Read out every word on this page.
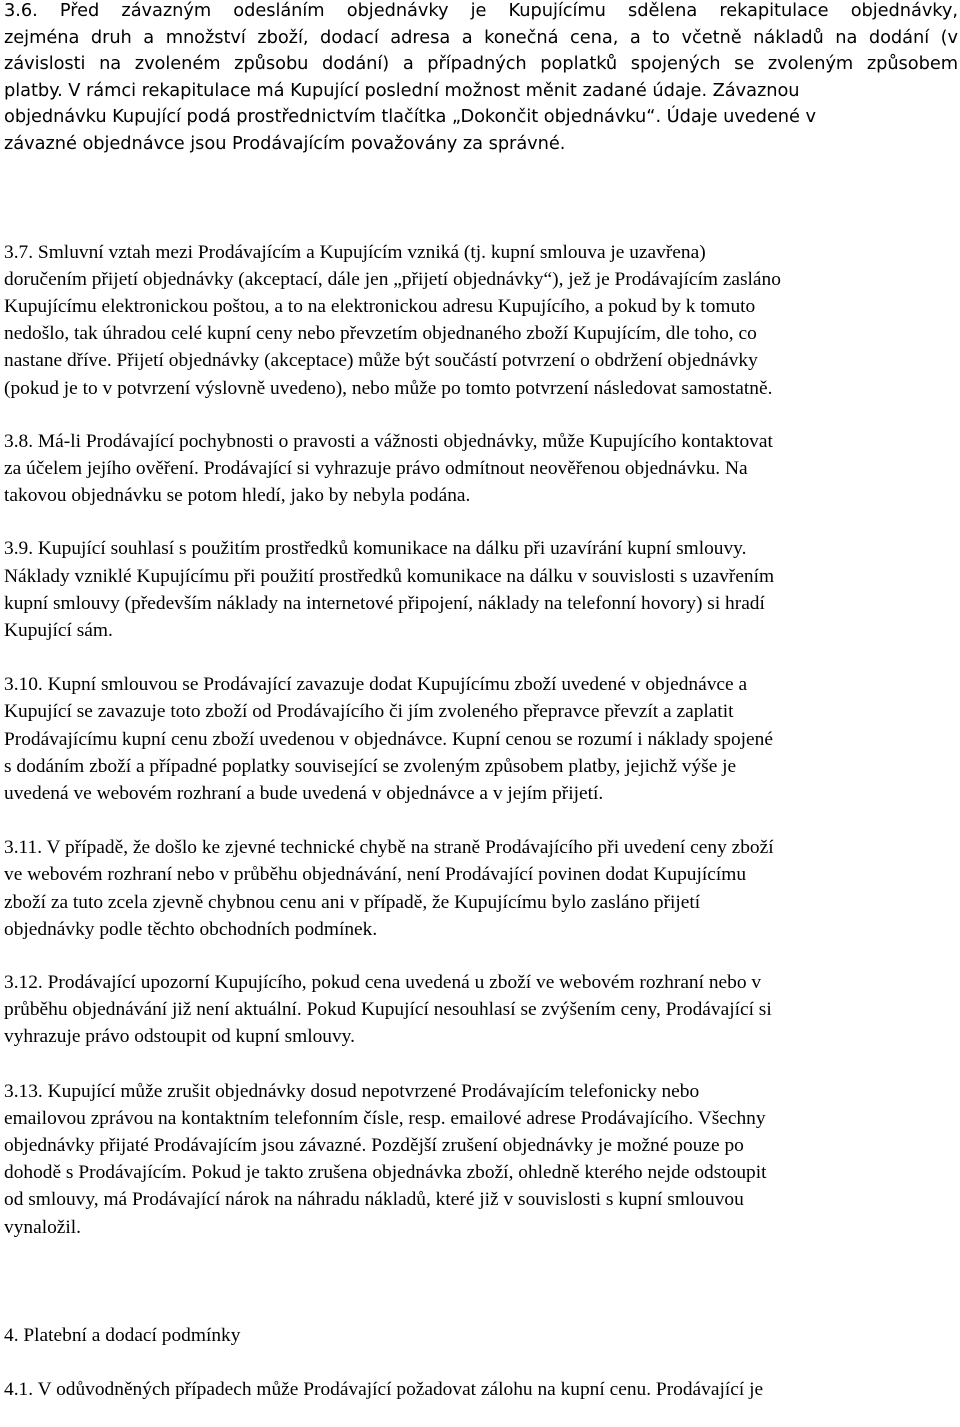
3.6. Před závazným odesláním objednávky je Kupujícímu sdělena rekapitulace objednávky,
zejména druh a množství zboží, dodací adresa a konečná cena, a to včetně nákladů na dodání (v
závislosti na zvoleném způsobu dodání) a případných poplatků spojených se zvoleným způsobem
platby. V rámci rekapitulace má Kupující poslední možnost měnit zadané údaje. Závaznou
objednávku Kupující podá prostřednictvím tlačítka „Dokončit objednávku“. Údaje uvedené v
závazné objednávce jsou Prodávajícím považovány za správné.

3.7. Smluvní vztah mezi Prodávajícím a Kupujícím vzniká (tj. kupní smlouva je uzavřena)
doručením přijetí objednávky (akceptací, dále jen „přijetí objednávky“), jež je Prodávajícím zasláno
Kupujícímu elektronickou poštou, a to na elektronickou adresu Kupujícího, a pokud by k tomuto
nedošlo, tak úhradou celé kupní ceny nebo převzetím objednaného zboží Kupujícím, dle toho, co
nastane dříve. Přijetí objednávky (akceptace) může být součástí potvrzení o obdržení objednávky
(pokud je to v potvrzení výslovně uvedeno), nebo může po tomto potvrzení následovat samostatně.

3.8. Má-li Prodávající pochybnosti o pravosti a vážnosti objednávky, může Kupujícího kontaktovat
za účelem jejího ověření. Prodávající si vyhrazuje právo odmítnout neověřenou objednávku. Na
takovou objednávku se potom hledí, jako by nebyla podána.

3.9. Kupující souhlasí s použitím prostředků komunikace na dálku při uzavírání kupní smlouvy.
Náklady vzniklé Kupujícímu při použití prostředků komunikace na dálku v souvislosti s uzavřením
kupní smlouvy (především náklady na internetové připojení, náklady na telefonní hovory) si hradí
Kupující sám.

3.10. Kupní smlouvou se Prodávající zavazuje dodat Kupujícímu zboží uvedené v objednávce a
Kupující se zavazuje toto zboží od Prodávajícího či jím zvoleného přepravce převzít a zaplatit
Prodávajícímu kupní cenu zboží uvedenou v objednávce. Kupní cenou se rozumí i náklady spojené
s dodáním zboží a případné poplatky související se zvoleným způsobem platby, jejichž výše je
uvedená ve webovém rozhraní a bude uvedená v objednávce a v jejím přijetí.

3.11. V případě, že došlo ke zjevné technické chybě na straně Prodávajícího při uvedení ceny zboží
ve webovém rozhraní nebo v průběhu objednávání, není Prodávající povinen dodat Kupujícímu
zboží za tuto zcela zjevně chybnou cenu ani v případě, že Kupujícímu bylo zasláno přijetí
objednávky podle těchto obchodních podmínek.

3.12. Prodávající upozorní Kupujícího, pokud cena uvedená u zboží ve webovém rozhraní nebo v
průběhu objednávání již není aktuální. Pokud Kupující nesouhlasí se zvýšením ceny, Prodávající si
vyhrazuje právo odstoupit od kupní smlouvy.

3.13. Kupující může zrušit objednávky dosud nepotvrzené Prodávajícím telefonicky nebo
emailovou zprávou na kontaktním telefonním čísle, resp. emailové adrese Prodávajícího. Všechny
objednávky přijaté Prodávajícím jsou závazné. Pozdější zrušení objednávky je možné pouze po
dohodě s Prodávajícím. Pokud je takto zrušena objednávka zboží, ohledně kterého nejde odstoupit
od smlouvy, má Prodávající nárok na náhradu nákladů, které již v souvislosti s kupní smlouvou
vynaložil.

4. Platební a dodací podmínky

4.1. V odůvodněných případech může Prodávající požadovat zálohu na kupní cenu. Prodávající je
